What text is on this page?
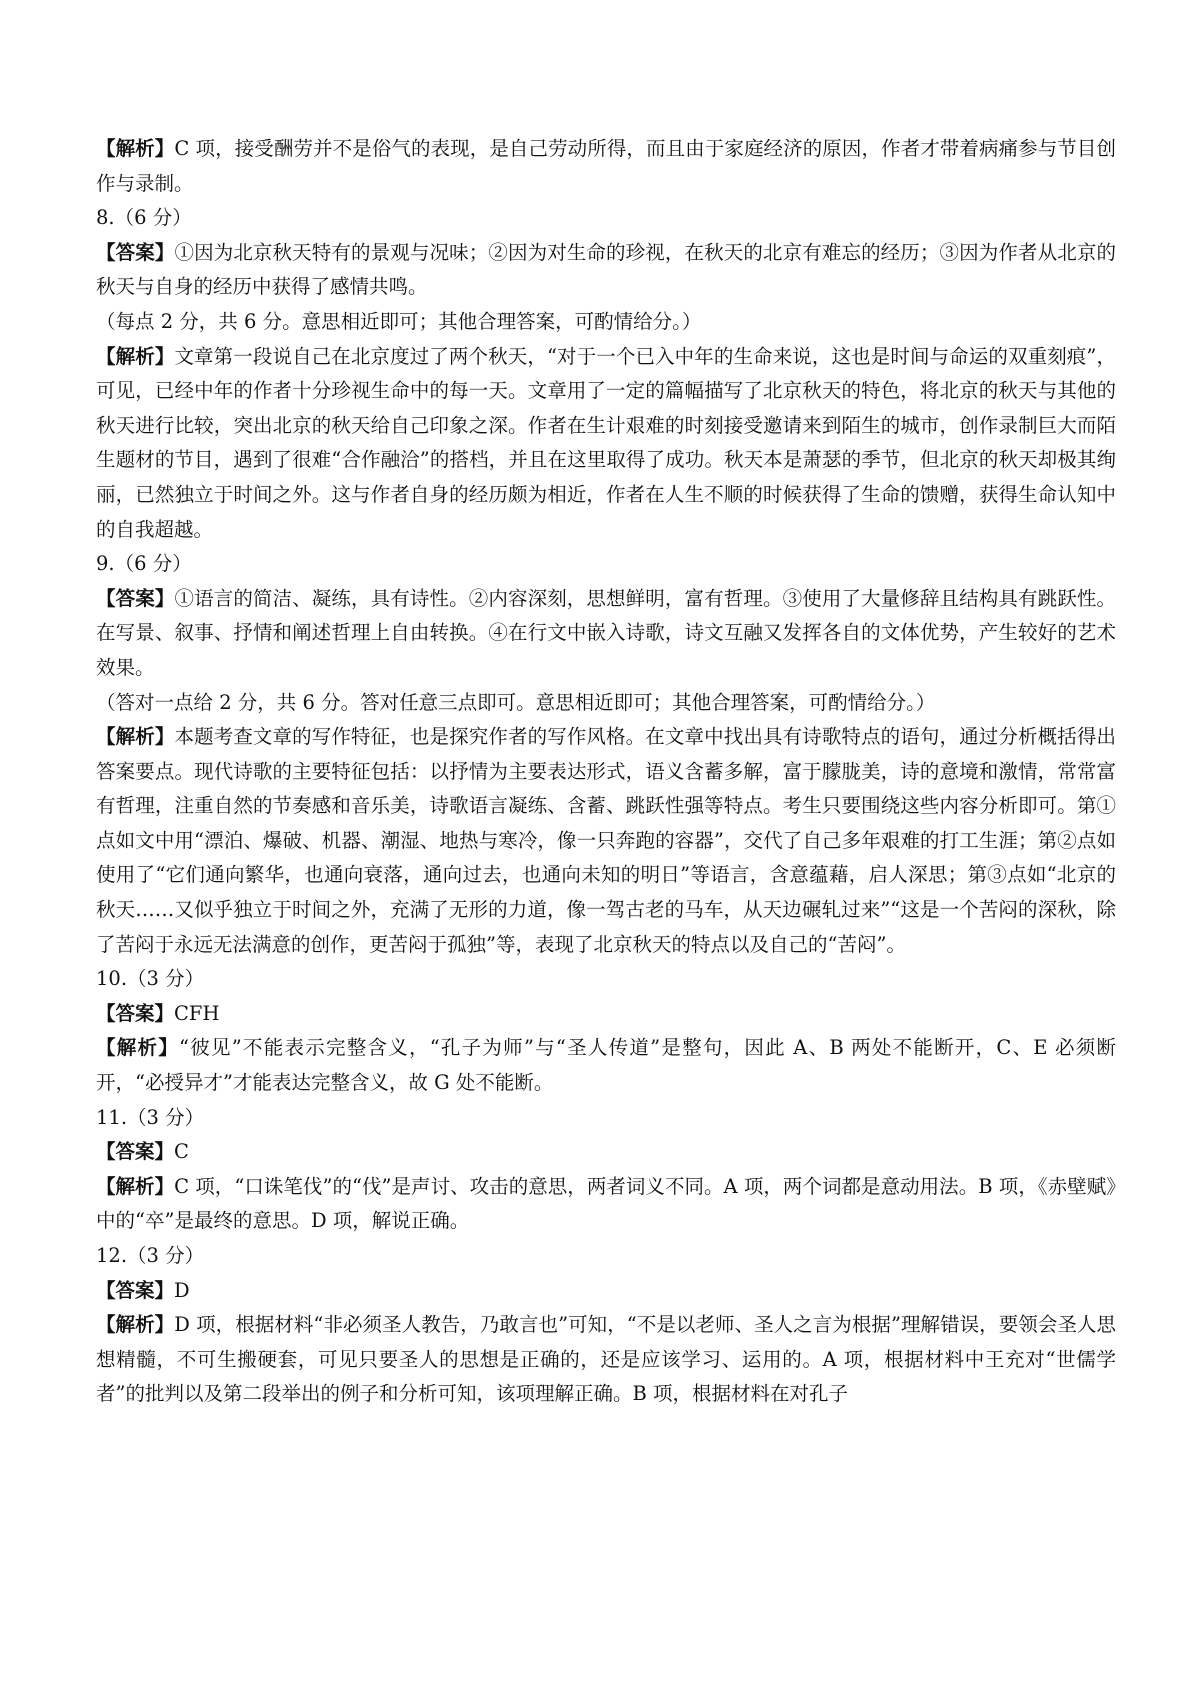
【解析】C 项，接受酬劳并不是俗气的表现，是自己劳动所得，而且由于家庭经济的原因，作者才带着病痛参与节目创作与录制。

8.（6 分）

【答案】①因为北京秋天特有的景观与况味；②因为对生命的珍视，在秋天的北京有难忘的经历；③因为作者从北京的秋天与自身的经历中获得了感情共鸣。

（每点 2 分，共 6 分。意思相近即可；其他合理答案，可酌情给分。）

【解析】文章第一段说自己在北京度过了两个秋天，“对于一个已入中年的生命来说，这也是时间与命运的双重刻痕”，可见，已经中年的作者十分珍视生命中的每一天。文章用了一定的篇幅描写了北京秋天的特色，将北京的秋天与其他的秋天进行比较，突出北京的秋天给自己印象之深。作者在生计艰难的时刻接受邀请来到陌生的城市，创作录制巨大而陌生题材的节目，遇到了很难“合作融洽”的搭档，并且在这里取得了成功。秋天本是萧瑟的季节，但北京的秋天却极其绚丽，已然独立于时间之外。这与作者自身的经历颇为相近，作者在人生不顺的时候获得了生命的馈赠，获得生命认知中的自我超越。

9.（6 分）

【答案】①语言的简洁、凝练，具有诗性。②内容深刻，思想鲜明，富有哲理。③使用了大量修辞且结构具有跳跃性。在写景、叙事、抒情和阐述哲理上自由转换。④在行文中嵌入诗歌，诗文互融又发挥各自的文体优势，产生较好的艺术效果。

（答对一点给 2 分，共 6 分。答对任意三点即可。意思相近即可；其他合理答案，可酌情给分。）

【解析】本题考查文章的写作特征，也是探究作者的写作风格。在文章中找出具有诗歌特点的语句，通过分析概括得出答案要点。现代诗歌的主要特征包括：以抒情为主要表达形式，语义含蓄多解，富于朦胧美，诗的意境和激情，常常富有哲理，注重自然的节奏感和音乐美，诗歌语言凝练、含蓄、跳跃性强等特点。考生只要围绕这些内容分析即可。第①点如文中用“漂泊、爆破、机器、潮湿、地热与寒冷，像一只奔跑的容器”，交代了自己多年艰难的打工生涯；第②点如使用了“它们通向繁华，也通向衰落，通向过去，也通向未知的明日”等语言，含意蕴藉，启人深思；第③点如“北京的秋天……又似乎独立于时间之外，充满了无形的力道，像一驾古老的马车，从天边碾轧过来”“这是一个苦闷的深秋，除了苦闷于永远无法满意的创作，更苦闷于孤独”等，表现了北京秋天的特点以及自己的“苦闷”。

10.（3 分）

【答案】CFH

【解析】“彼见”不能表示完整含义，“孔子为师”与“圣人传道”是整句，因此 A、B 两处不能断开，C、E 必须断开，“必授异才”才能表达完整含义，故 G 处不能断。

11.（3 分）

【答案】C

【解析】C 项，“口诛笔伐”的“伐”是声讨、攻击的意思，两者词义不同。A 项，两个词都是意动用法。B 项，《赤壁赋》中的“卒”是最终的意思。D 项，解说正确。

12.（3 分）

【答案】D

【解析】D 项，根据材料“非必须圣人教告，乃敢言也”可知，“不是以老师、圣人之言为根据”理解错误，要领会圣人思想精髓，不可生搬硬套，可见只要圣人的思想是正确的，还是应该学习、运用的。A 项，根据材料中王充对“世儒学者”的批判以及第二段举出的例子和分析可知，该项理解正确。B 项，根据材料在对孔子
